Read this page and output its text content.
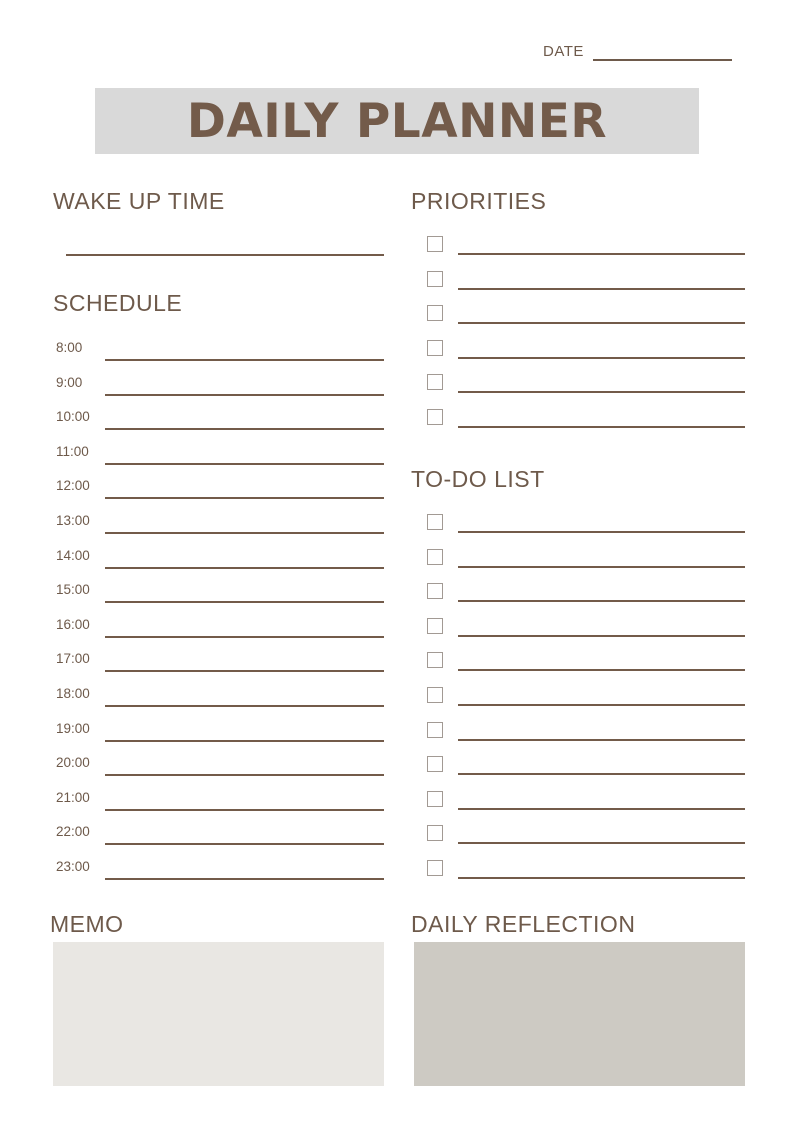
DATE
DAILY PLANNER
WAKE UP TIME
SCHEDULE
8:00
9:00
10:00
11:00
12:00
13:00
14:00
15:00
16:00
17:00
18:00
19:00
20:00
21:00
22:00
23:00
PRIORITIES
TO-DO LIST
MEMO	DAILY REFLECTION
